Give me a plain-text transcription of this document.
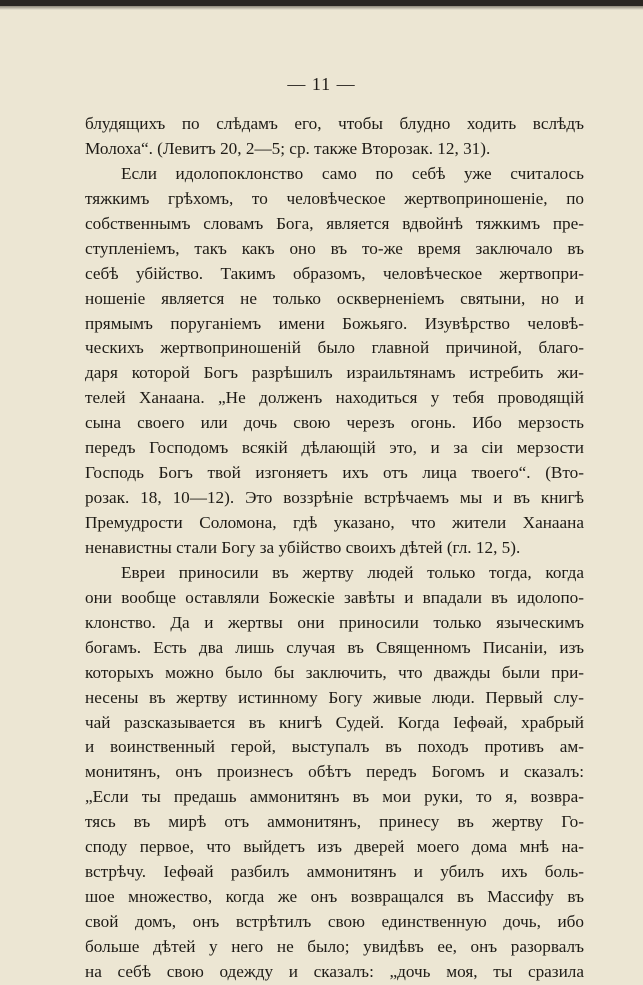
— 11 —
блудящихъ по слѣдамъ его, чтобы блудно ходить вслѣдъ
Молоха“. (Левитъ 20, 2—5; ср. также Второзак. 12, 31).
Если идолопоклонство само по себѣ уже считалось
тяжкимъ грѣхомъ, то человѣческое жертвоприношеніе, по
собственнымъ словамъ Бога, является вдвойнѣ тяжкимъ пре-
ступленіемъ, такъ какъ оно въ то-же время заключало въ
себѣ убійство. Такимъ образомъ, человѣческое жертвопри-
ношеніе является не только оскверненіемъ святыни, но и
прямымъ поруганіемъ имени Божьяго. Изувѣрство человѣ-
ческихъ жертвоприношеній было главной причиной, благо-
даря которой Богъ разрѣшилъ израильтянамъ истребить жи-
телей Ханаана. „Не долженъ находиться у тебя проводящій
сына своего или дочь свою черезъ огонь. Ибо мерзость
передъ Господомъ всякій дѣлающій это, и за сіи мерзости
Господь Богъ твой изгоняетъ ихъ отъ лица твоего“. (Вто-
розак. 18, 10—12). Это воззрѣніе встрѣчаемъ мы и въ книгѣ
Премудрости Соломона, гдѣ указано, что жители Ханаана
ненавистны стали Богу за убійство своихъ дѣтей (гл. 12, 5).
Евреи приносили въ жертву людей только тогда, когда
они вообще оставляли Божескіе завѣты и впадали въ идолопо-
клонство. Да и жертвы они приносили только языческимъ
богамъ. Есть два лишь случая въ Священномъ Писаніи, изъ
которыхъ можно было бы заключить, что дважды были при-
несены въ жертву истинному Богу живые люди. Первый слу-
чай разсказывается въ книгѣ Судей. Когда Іефѳай, храбрый
и воинственный герой, выступалъ въ походъ противъ ам-
монитянъ, онъ произнесъ обѣтъ передъ Богомъ и сказалъ:
„Если ты предашь аммонитянъ въ мои руки, то я, возвра-
тясь въ мирѣ отъ аммонитянъ, принесу въ жертву Го-
споду первое, что выйдетъ изъ дверей моего дома мнѣ на-
встрѣчу. Іефѳай разбилъ аммонитянъ и убилъ ихъ боль-
шое множество, когда же онъ возвращался въ Массифу въ
свой домъ, онъ встрѣтилъ свою единственную дочь, ибо
больше дѣтей у него не было; увидѣвъ ее, онъ разорвалъ
на себѣ свою одежду и сказалъ: „дочь моя, ты сразила
